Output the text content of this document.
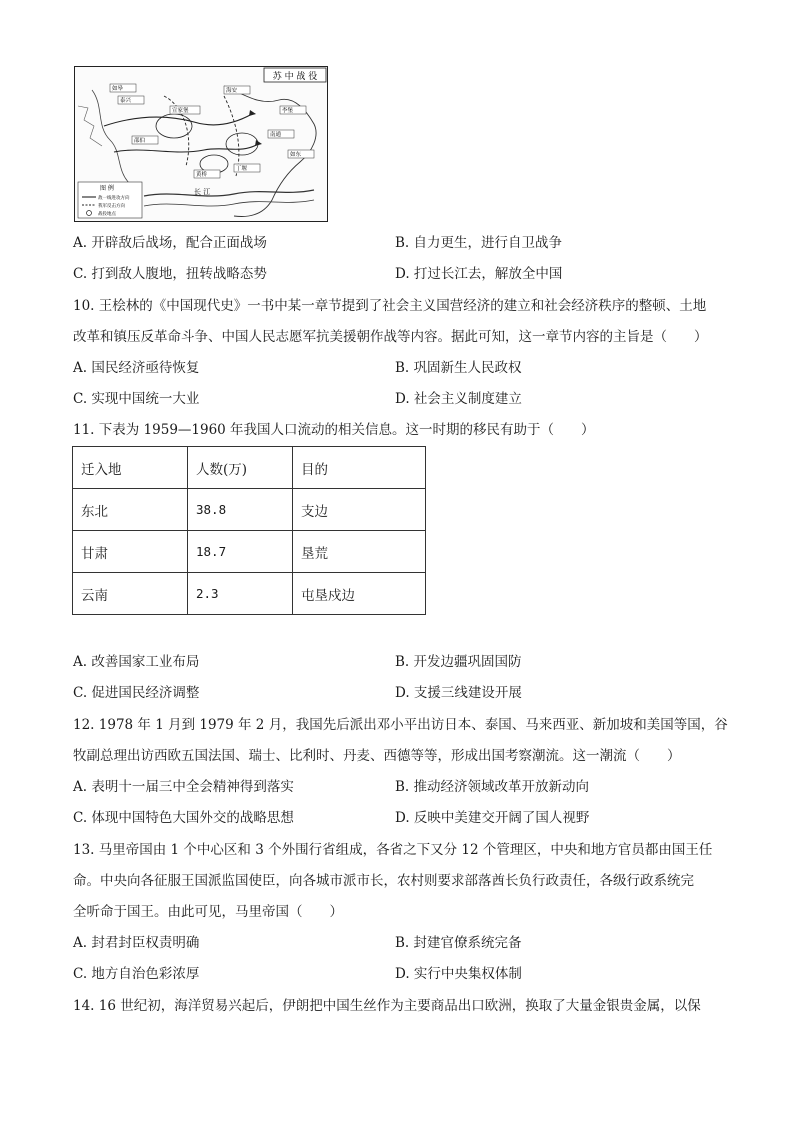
苏 中 战 役
长 江
如皋
泰兴
宣家堡
海安
南通
邵伯
黄桥
丁堰
李堡
如东
图 例
敌一线进攻方向
我军反击方向
战役地点
A. 开辟敌后战场，配合正面战场	B. 自力更生，进行自卫战争
C. 打到敌人腹地，扭转战略态势	D. 打过长江去，解放全中国
10. 王桧林的《中国现代史》一书中某一章节提到了社会主义国营经济的建立和社会经济秩序的整顿、土地
改革和镇压反革命斗争、中国人民志愿军抗美援朝作战等内容。据此可知，这一章节内容的主旨是（　　）
A. 国民经济亟待恢复	B. 巩固新生人民政权
C. 实现中国统一大业	D. 社会主义制度建立
11. 下表为 1959—1960 年我国人口流动的相关信息。这一时期的移民有助于（　　）
迁入地	人数(万)	目的
东北	38.8	支边
甘肃	18.7	垦荒
云南	2.3	屯垦戍边
A. 改善国家工业布局	B. 开发边疆巩固国防
C. 促进国民经济调整	D. 支援三线建设开展
12. 1978 年 1 月到 1979 年 2 月，我国先后派出邓小平出访日本、泰国、马来西亚、新加坡和美国等国，谷
牧副总理出访西欧五国法国、瑞士、比利时、丹麦、西德等等，形成出国考察潮流。这一潮流（　　）
A. 表明十一届三中全会精神得到落实	B. 推动经济领域改革开放新动向
C. 体现中国特色大国外交的战略思想	D. 反映中美建交开阔了国人视野
13. 马里帝国由 1 个中心区和 3 个外围行省组成，各省之下又分 12 个管理区，中央和地方官员都由国王任
命。中央向各征服王国派监国使臣，向各城市派市长，农村则要求部落酋长负行政责任，各级行政系统完
全听命于国王。由此可见，马里帝国（　　）
A. 封君封臣权责明确	B. 封建官僚系统完备
C. 地方自治色彩浓厚	D. 实行中央集权体制
14. 16 世纪初，海洋贸易兴起后，伊朗把中国生丝作为主要商品出口欧洲，换取了大量金银贵金属，以保
